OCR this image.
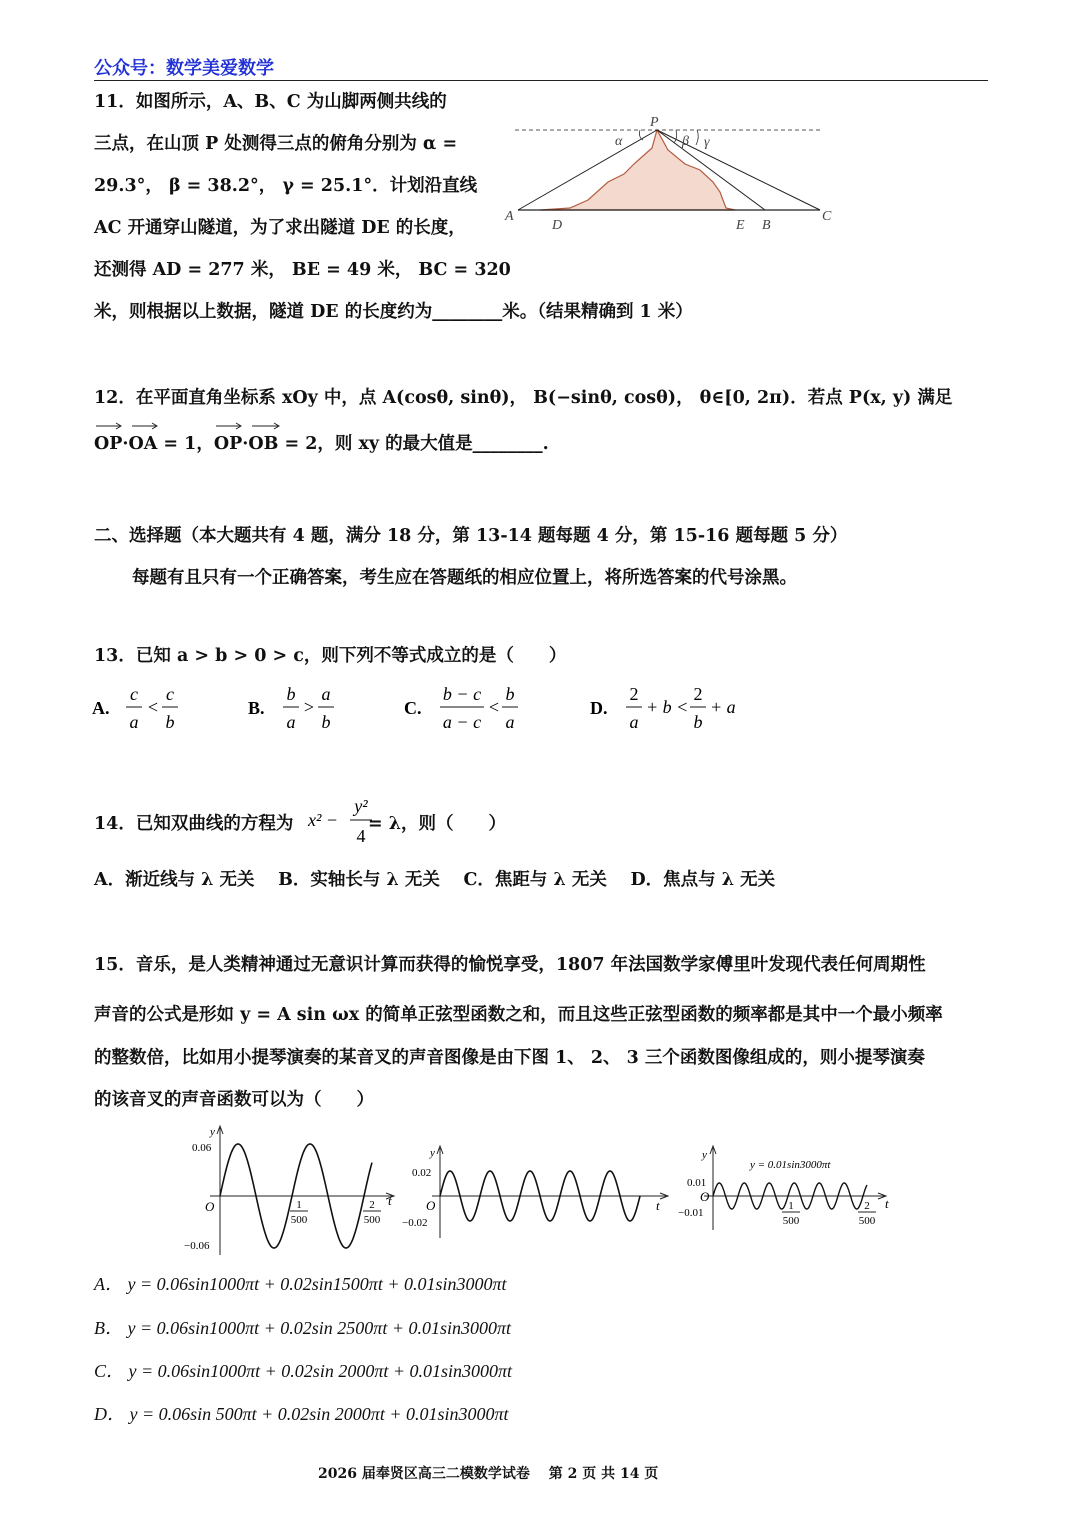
公众号：数学美爱数学
11．如图所示，A、B、C 为山脚两侧共线的
三点，在山顶 P 处测得三点的俯角分别为 α =
29.3°， β = 38.2°， γ = 25.1°．计划沿直线
AC 开通穿山隧道，为了求出隧道 DE 的长度，
还测得 AD = 277 米， BE = 49 米， BC = 320
米，则根据以上数据，隧道 DE 的长度约为________米。（结果精确到 1 米）
P
α	β γ
A
D	E B
C
12．在平面直角坐标系 xOy 中，点 A(cosθ, sinθ)， B(−sinθ, cosθ)， θ∈[0, 2π)．若点 P(x, y) 满足
OP·OA = 1，OP·OB = 2，则 xy 的最大值是________.
二、选择题（本大题共有 4 题，满分 18 分，第 13-14 题每题 4 分，第 15-16 题每题 5 分）
每题有且只有一个正确答案，考生应在答题纸的相应位置上，将所选答案的代号涂黑。
13．已知 a > b > 0 > c，则下列不等式成立的是（　　）
A.
c
a
<
c
b
B.
b
a
>
a
b
C.
b − c
a − c
<
b
a
D.
2
a
+ b <
2
b
+ a
14．已知双曲线的方程为 x² −
y²
4
= λ，则（　　）
A．渐近线与 λ 无关　 B．实轴长与 λ 无关　 C．焦距与 λ 无关　 D．焦点与 λ 无关
15．音乐，是人类精神通过无意识计算而获得的愉悦享受，1807 年法国数学家傅里叶发现代表任何周期性
声音的公式是形如 y = A sin ωx 的简单正弦型函数之和，而且这些正弦型函数的频率都是其中一个最小频率
的整数倍，比如用小提琴演奏的某音叉的声音图像是由下图 1、 2、 3 三个函数图像组成的，则小提琴演奏
的该音叉的声音函数可以为（　　）
y
0.06
−0.06
O	t
1
500
2
500
y
0.02
−0.02
O	t
y
y = 0.01sin3000πt
0.01
−0.01
O	t
1
500
2
500
A． y = 0.06sin1000πt + 0.02sin1500πt + 0.01sin3000πt
B． y = 0.06sin1000πt + 0.02sin 2500πt + 0.01sin3000πt
C． y = 0.06sin1000πt + 0.02sin 2000πt + 0.01sin3000πt
D． y = 0.06sin 500πt + 0.02sin 2000πt + 0.01sin3000πt
2026 届奉贤区高三二模数学试卷　 第 2 页 共 14 页
